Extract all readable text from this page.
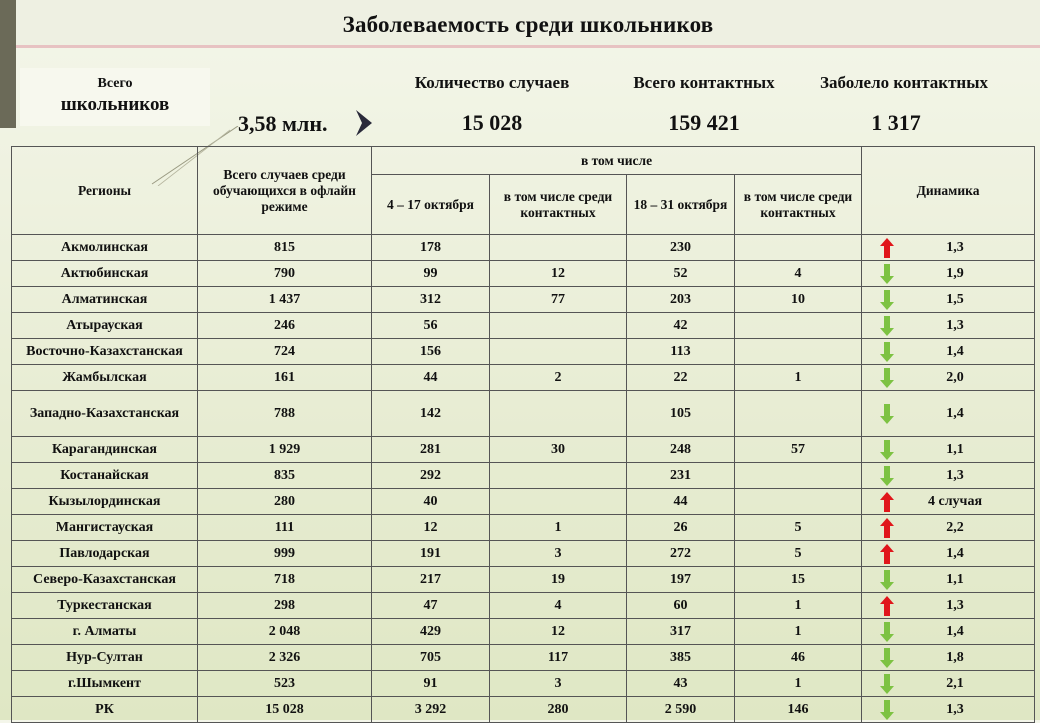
Заболеваемость среди школьников
Всего
школьников
3,58 млн.
Количество случаев
15 028
Всего контактных
159 421
Заболело контактных
1 317
Регионы	Всего случаев среди обучающихся в офлайн режиме	в том числе				Динамика
		4 – 17 октября	в том числе среди контактных	18 – 31 октября	в том числе среди контактных	
Акмолинская	815	178		230		1,3

Актюбинская	790	99	12	52	4	1,9

Алматинская	1 437	312	77	203	10	1,5

Атырауская	246	56		42		1,3

Восточно-Казахстанская	724	156		113		1,4

Жамбылская	161	44	2	22	1	2,0

Западно-Казахстанская	788	142		105		1,4

Карагандинская	1 929	281	30	248	57	1,1

Костанайская	835	292		231		1,3

Кызылординская	280	40		44		4 случая

Мангистауская	111	12	1	26	5	2,2

Павлодарская	999	191	3	272	5	1,4

Северо-Казахстанская	718	217	19	197	15	1,1

Туркестанская	298	47	4	60	1	1,3

г. Алматы	2 048	429	12	317	1	1,4

Нур-Султан	2 326	705	117	385	46	1,8

г.Шымкент	523	91	3	43	1	2,1

РК	15 028	3 292	280	2 590	146	1,3
